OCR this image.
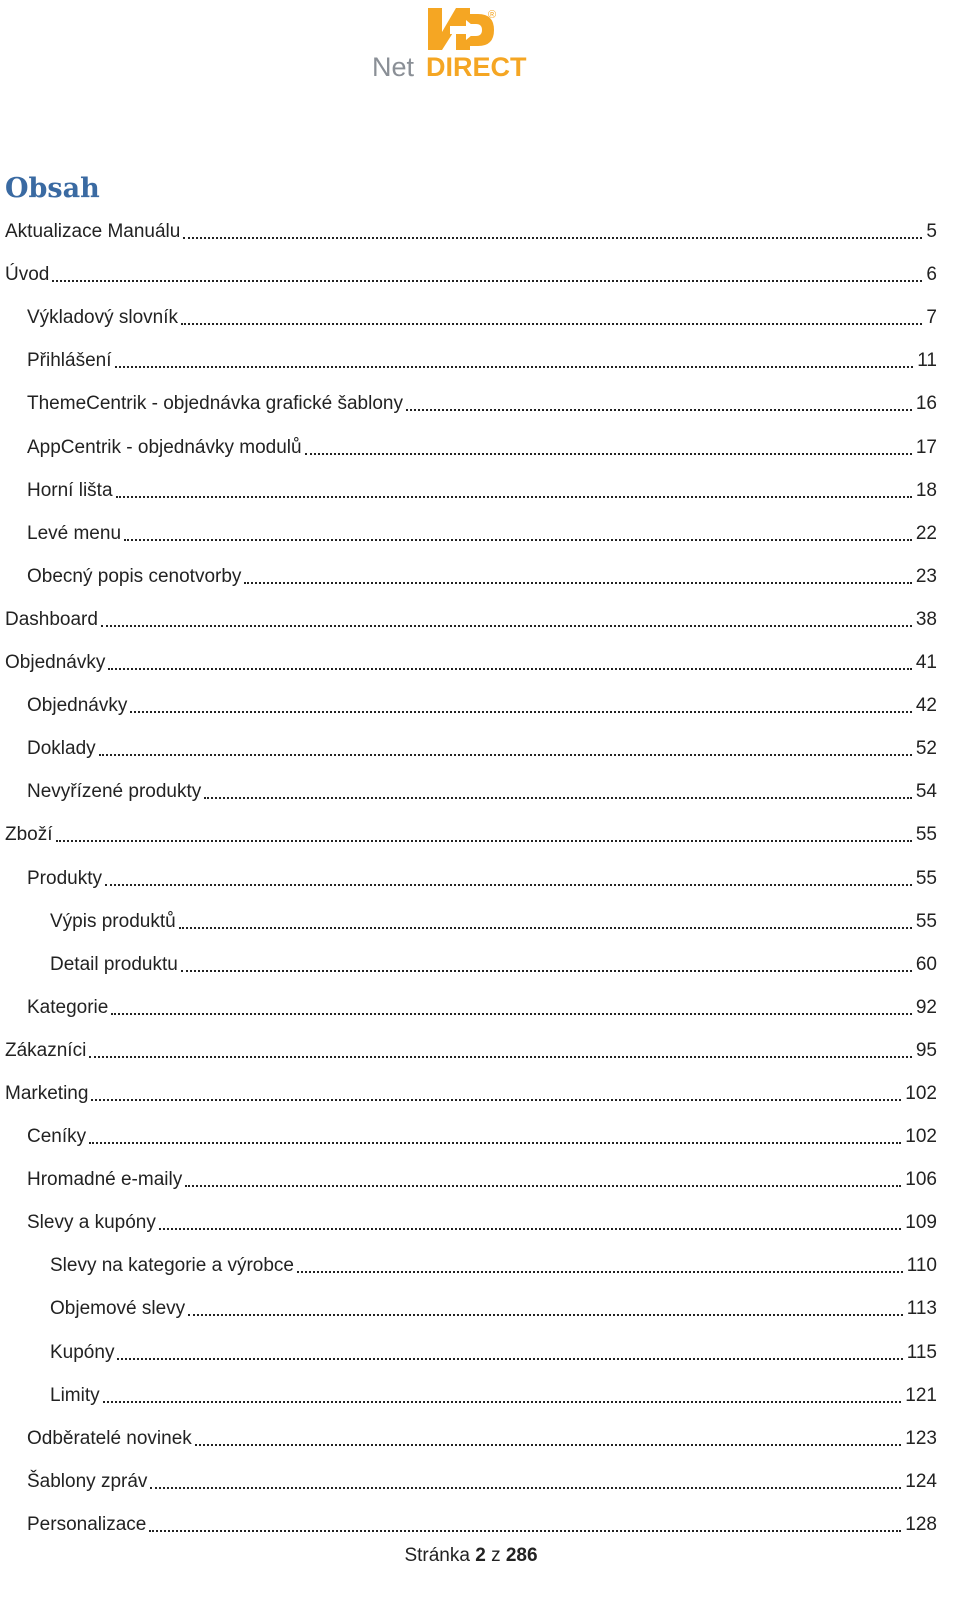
®
Net DIRECT
Obsah
Aktualizace Manuálu	5
Úvod	6
Výkladový slovník	7
Přihlášení	11
ThemeCentrik - objednávka grafické šablony	16
AppCentrik - objednávky modulů	17
Horní lišta	18
Levé menu	22
Obecný popis cenotvorby	23
Dashboard	38
Objednávky	41
Objednávky	42
Doklady	52
Nevyřízené produkty	54
Zboží	55
Produkty	55
Výpis produktů	55
Detail produktu	60
Kategorie	92
Zákazníci	95
Marketing	102
Ceníky	102
Hromadné e-maily	106
Slevy a kupóny	109
Slevy na kategorie a výrobce	110
Objemové slevy	113
Kupóny	115
Limity	121
Odběratelé novinek	123
Šablony zpráv	124
Personalizace	128
Stránka 2 z 286
